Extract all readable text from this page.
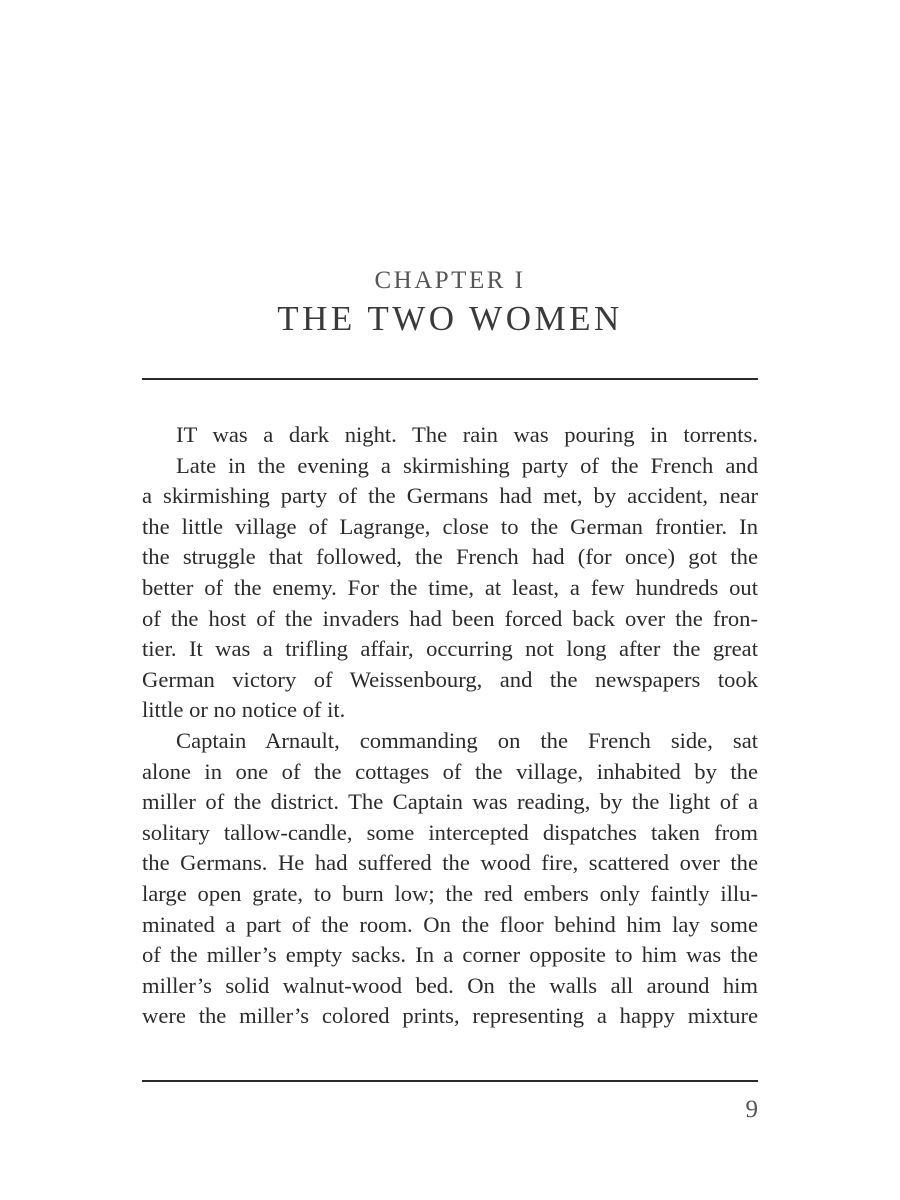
CHAPTER I
THE TWO WOMEN
IT was a dark night. The rain was pouring in torrents.
Late in the evening a skirmishing party of the French and
a skirmishing party of the Germans had met, by accident, near
the little village of Lagrange, close to the German frontier. In
the struggle that followed, the French had (for once) got the
better of the enemy. For the time, at least, a few hundreds out
of the host of the invaders had been forced back over the fron-
tier. It was a trifling affair, occurring not long after the great
German victory of Weissenbourg, and the newspapers took
little or no notice of it.
Captain Arnault, commanding on the French side, sat
alone in one of the cottages of the village, inhabited by the
miller of the district. The Captain was reading, by the light of a
solitary tallow-candle, some intercepted dispatches taken from
the Germans. He had suffered the wood fire, scattered over the
large open grate, to burn low; the red embers only faintly illu-
minated a part of the room. On the floor behind him lay some
of the miller’s empty sacks. In a corner opposite to him was the
miller’s solid walnut-wood bed. On the walls all around him
were the miller’s colored prints, representing a happy mixture
9
